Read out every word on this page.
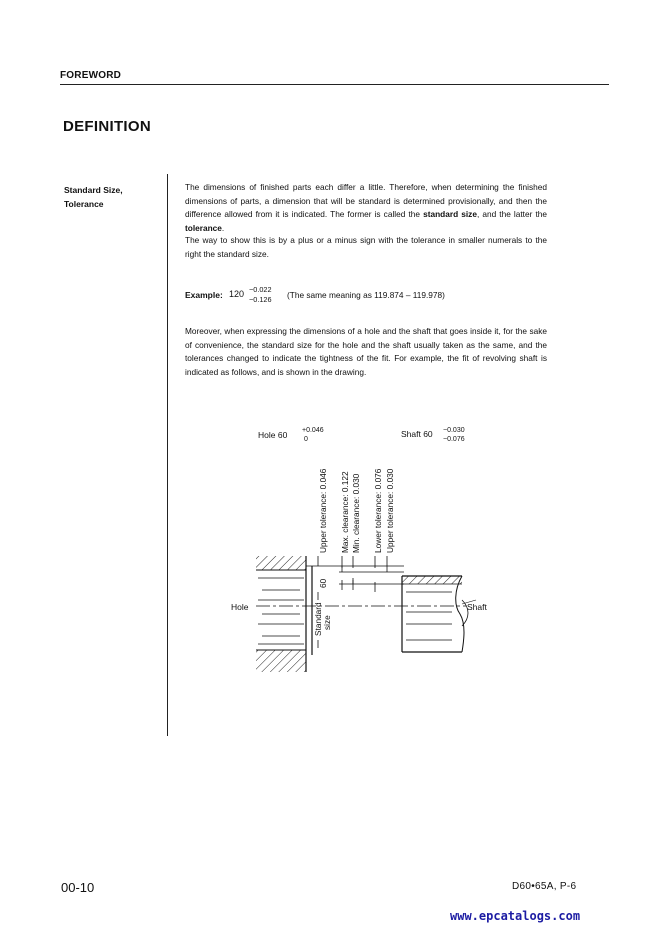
FOREWORD
DEFINITION
Standard Size,
Tolerance
The dimensions of finished parts each differ a little. Therefore, when determining the finished dimensions of parts, a dimension that will be standard is determined provisionally, and then the difference allowed from it is indicated. The former is called the standard size, and the latter the tolerance.
The way to show this is by a plus or a minus sign with the tolerance in smaller numerals to the right the standard size.
Example: 120 −0.022
−0.126 (The same meaning as 119.874 – 119.978)
Moreover, when expressing the dimensions of a hole and the shaft that goes inside it, for the sake of convenience, the standard size for the hole and the shaft usually taken as the same, and the tolerances changed to indicate the tightness of the fit. For example, the fit of revolving shaft is indicated as follows, and is shown in the drawing.
Hole 60 +0.046
0
Shaft 60 −0.030
−0.076
Upper tolerance: 0.046 Max. clearance: 0.122 Min. clearance: 0.030 Lower tolerance: 0.076 Upper tolerance: 0.030
60
Standard size
Hole	Shaft
00-10	D60•65A, P-6
www.epcatalogs.com
